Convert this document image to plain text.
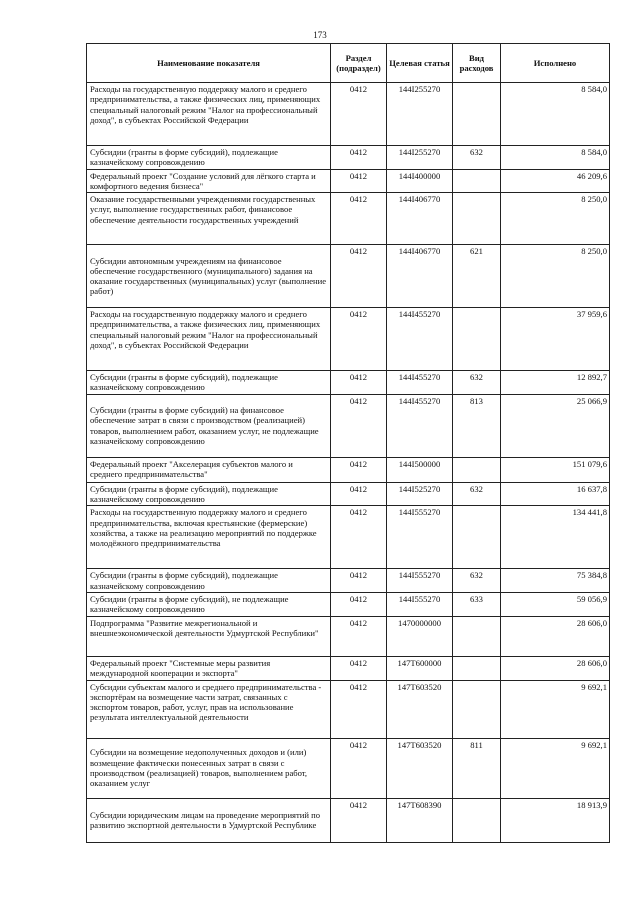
173
Наименование показателя	Раздел (подраздел)	Целевая статья	Вид расходов	Исполнено
Расходы на государственную поддержку малого и среднего предпринимательства, а также физических лиц, применяющих специальный налоговый режим "Налог на профессиональный доход", в субъектах Российской Федерации	0412	144I255270		8 584,0
Субсидии (гранты в форме субсидий), подлежащие казначейскому сопровождению	0412	144I255270	632	8 584,0
Федеральный проект "Создание условий для лёгкого старта и комфортного ведения бизнеса"	0412	144I400000		46 209,6
Оказание государственными учреждениями государственных услуг, выполнение государственных работ, финансовое обеспечение деятельности государственных учреждений	0412	144I406770		8 250,0
Субсидии автономным учреждениям на финансовое обеспечение государственного (муниципального) задания на оказание государственных (муниципальных) услуг (выполнение работ)	0412	144I406770	621	8 250,0
Расходы на государственную поддержку малого и среднего предпринимательства, а также физических лиц, применяющих специальный налоговый режим "Налог на профессиональный доход", в субъектах Российской Федерации	0412	144I455270		37 959,6
Субсидии (гранты в форме субсидий), подлежащие казначейскому сопровождению	0412	144I455270	632	12 892,7
Субсидии (гранты в форме субсидий) на финансовое обеспечение затрат в связи с производством (реализацией) товаров, выполнением работ, оказанием услуг, не подлежащие казначейскому сопровождению	0412	144I455270	813	25 066,9
Федеральный проект "Акселерация субъектов малого и среднего предпринимательства"	0412	144I500000		151 079,6
Субсидии (гранты в форме субсидий), подлежащие казначейскому сопровождению	0412	144I525270	632	16 637,8
Расходы на государственную поддержку малого и среднего предпринимательства, включая крестьянские (фермерские) хозяйства, а также на реализацию мероприятий по поддержке молодёжного предпринимательства	0412	144I555270		134 441,8
Субсидии (гранты в форме субсидий), подлежащие казначейскому сопровождению	0412	144I555270	632	75 384,8
Субсидии (гранты в форме субсидий), не подлежащие казначейскому сопровождению	0412	144I555270	633	59 056,9
Подпрограмма "Развитие межрегиональной и внешнеэкономической деятельности Удмуртской Республики"	0412	1470000000		28 606,0
Федеральный проект "Системные меры развития международной кооперации и экспорта"	0412	147T600000		28 606,0
Субсидии субъектам малого и среднего предпринимательства - экспортёрам на возмещение части затрат, связанных с экспортом товаров, работ, услуг, прав на использование результата интеллектуальной деятельности	0412	147T603520		9 692,1
Субсидии на возмещение недополученных доходов и (или) возмещение фактически понесенных затрат в связи с производством (реализацией) товаров, выполнением работ, оказанием услуг	0412	147T603520	811	9 692,1
Субсидии юридическим лицам на проведение мероприятий по развитию экспортной деятельности в Удмуртской Республике	0412	147T608390		18 913,9
